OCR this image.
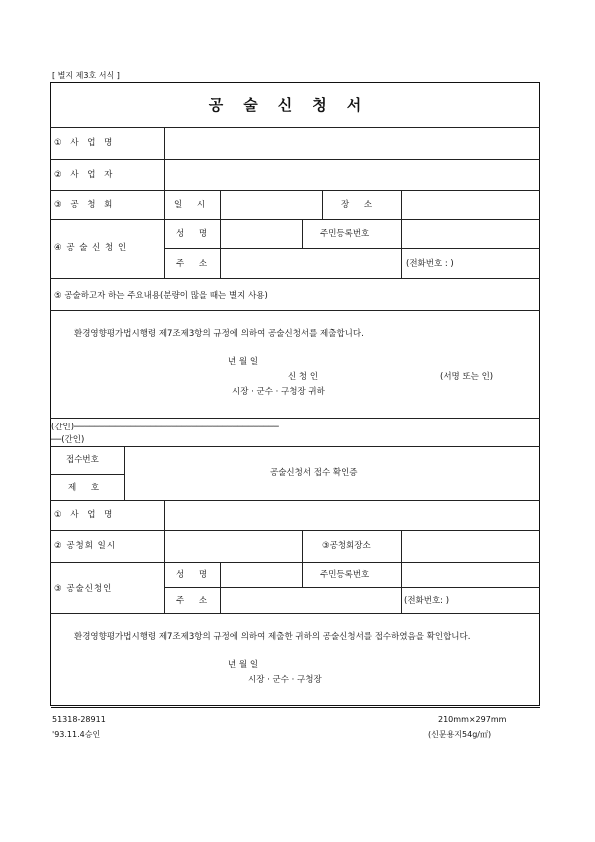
[ 별지 제3호 서식 ]
공술신청서
① 사 업 명
② 사 업 자
③ 공 청 회	일 시	장 소
④ 공 술 신 청 인
성 명	주민등록번호
주 소	(전화번호 : )
⑤ 공술하고자 하는 주요내용(분량이 많을 때는 별지 사용)
환경영향평가법시행령 제7조제3항의 규정에 의하여 공술신청서를 제출합니다.
년 월 일
신 청 인	(서명 또는 인)
시장 · 군수 · 구청장 귀하
(간인)────────────────────────────────────────
──(간인)
접수번호
제 호
공술신청서 접수 확인증
① 사 업 명
② 공청회 일시	③공청회장소
③ 공술신청인
성 명	주민등록번호
주 소	(전화번호: )
환경영향평가법시행령 제7조제3항의 규정에 의하여 제출한 귀하의 공술신청서를 접수하였음을 확인합니다.
년 월 일
시장 · 군수 · 구청장
51318-28911
'93.11.4승인
210mm×297mm
(신문용지54g/㎡)
